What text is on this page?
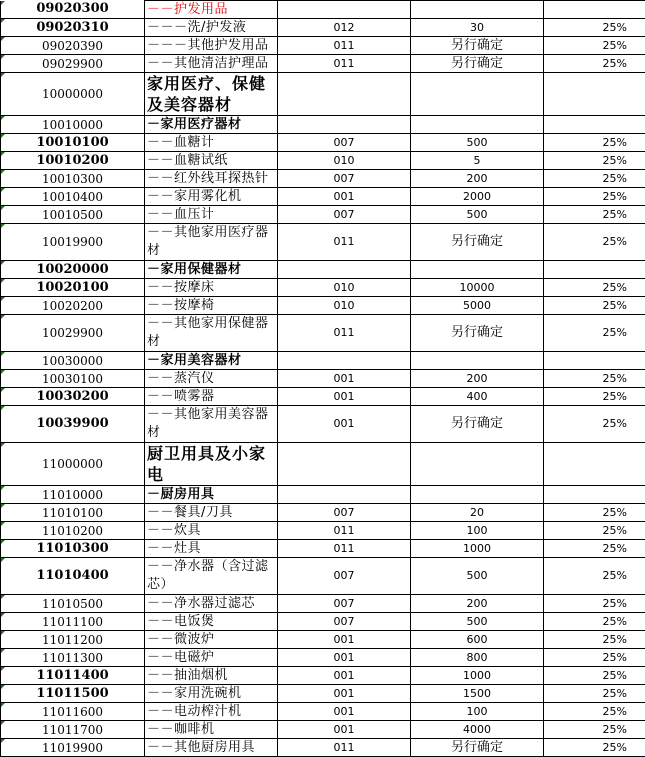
09020300	－－护发用品			
09020310	－－－洗/护发液	012	30	25%
09020390	－－－其他护发用品	011	另行确定	25%
09029900	－－其他清洁护理品	011	另行确定	25%
10000000	家用医疗、保健及美容器材			
10010000	－家用医疗器材			
10010100	－－血糖计	007	500	25%
10010200	－－血糖试纸	010	5	25%
10010300	－－红外线耳探热针	007	200	25%
10010400	－－家用雾化机	001	2000	25%
10010500	－－血压计	007	500	25%
10019900	－－其他家用医疗器材	011	另行确定	25%
10020000	－家用保健器材			
10020100	－－按摩床	010	10000	25%
10020200	－－按摩椅	010	5000	25%
10029900	－－其他家用保健器材	011	另行确定	25%
10030000	－家用美容器材			
10030100	－－蒸汽仪	001	200	25%
10030200	－－喷雾器	001	400	25%
10039900	－－其他家用美容器材	001	另行确定	25%
11000000	厨卫用具及小家电			
11010000	－厨房用具			
11010100	－－餐具/刀具	007	20	25%
11010200	－－炊具	011	100	25%
11010300	－－灶具	011	1000	25%
11010400	－－净水器（含过滤芯）	007	500	25%
11010500	－－净水器过滤芯	007	200	25%
11011100	－－电饭煲	007	500	25%
11011200	－－微波炉	001	600	25%
11011300	－－电磁炉	001	800	25%
11011400	－－抽油烟机	001	1000	25%
11011500	－－家用洗碗机	001	1500	25%
11011600	－－电动榨汁机	001	100	25%
11011700	－－咖啡机	001	4000	25%
11019900	－－其他厨房用具	011	另行确定	25%
